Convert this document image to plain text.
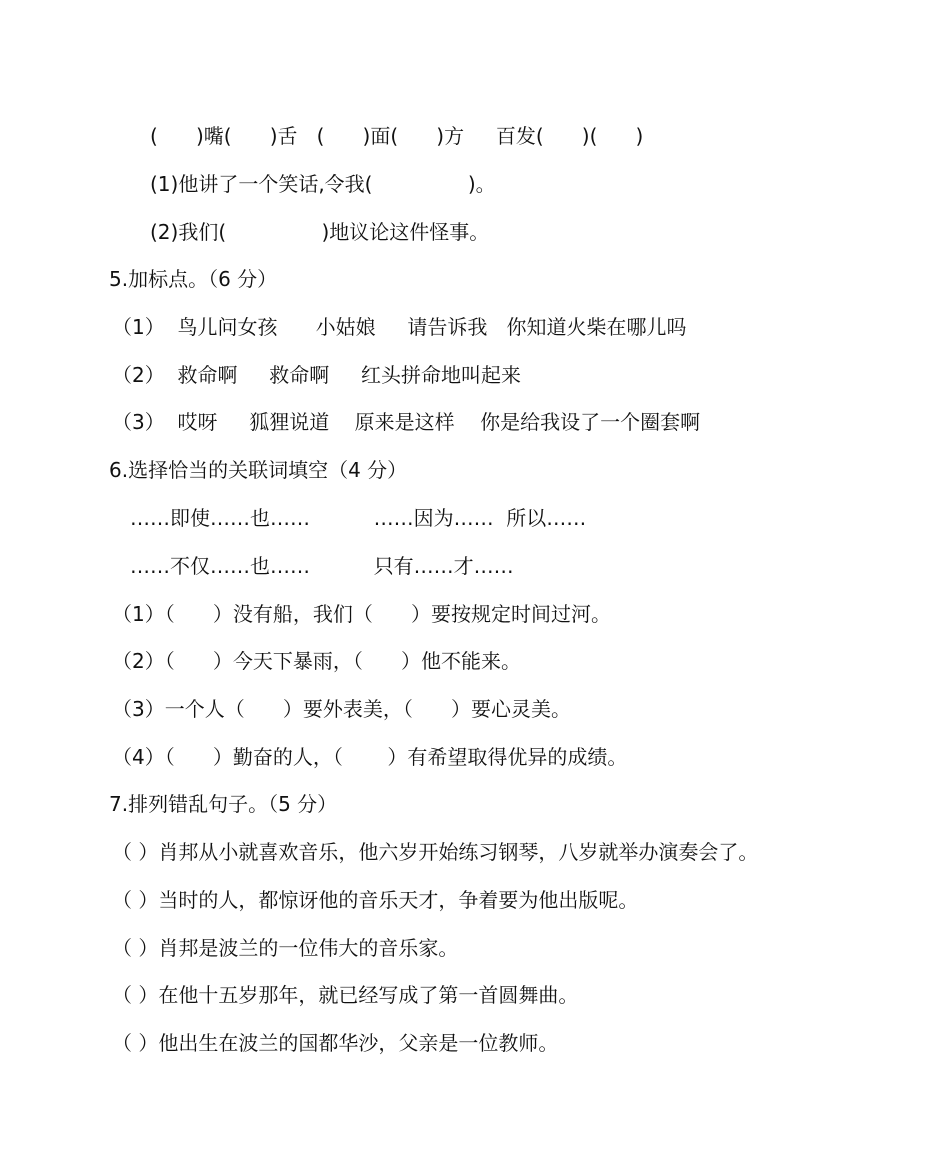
(      )嘴(      )舌   (      )面(      )方     百发(      )(      )
(1)他讲了一个笑话,令我(               )。
(2)我们(               )地议论这件怪事。
5.加标点。（6 分）
（1）  鸟儿问女孩      小姑娘     请告诉我   你知道火柴在哪儿吗
（2）  救命啊     救命啊     红头拼命地叫起来
（3）  哎呀     狐狸说道    原来是这样    你是给我设了一个圈套啊
6.选择恰当的关联词填空（4 分）
……即使……也……          ……因为……  所以……
……不仅……也……          只有……才……
（1）（      ）没有船，我们（      ）要按规定时间过河。
（2）（      ）今天下暴雨，（      ）他不能来。
（3）一个人（      ）要外表美，（      ）要心灵美。
（4）（      ）勤奋的人，（       ）有希望取得优异的成绩。
7.排列错乱句子。（5 分）
（ ）肖邦从小就喜欢音乐，他六岁开始练习钢琴，八岁就举办演奏会了。
（ ）当时的人，都惊讶他的音乐天才，争着要为他出版呢。
（ ）肖邦是波兰的一位伟大的音乐家。
（ ）在他十五岁那年，就已经写成了第一首圆舞曲。
（ ）他出生在波兰的国都华沙，父亲是一位教师。
